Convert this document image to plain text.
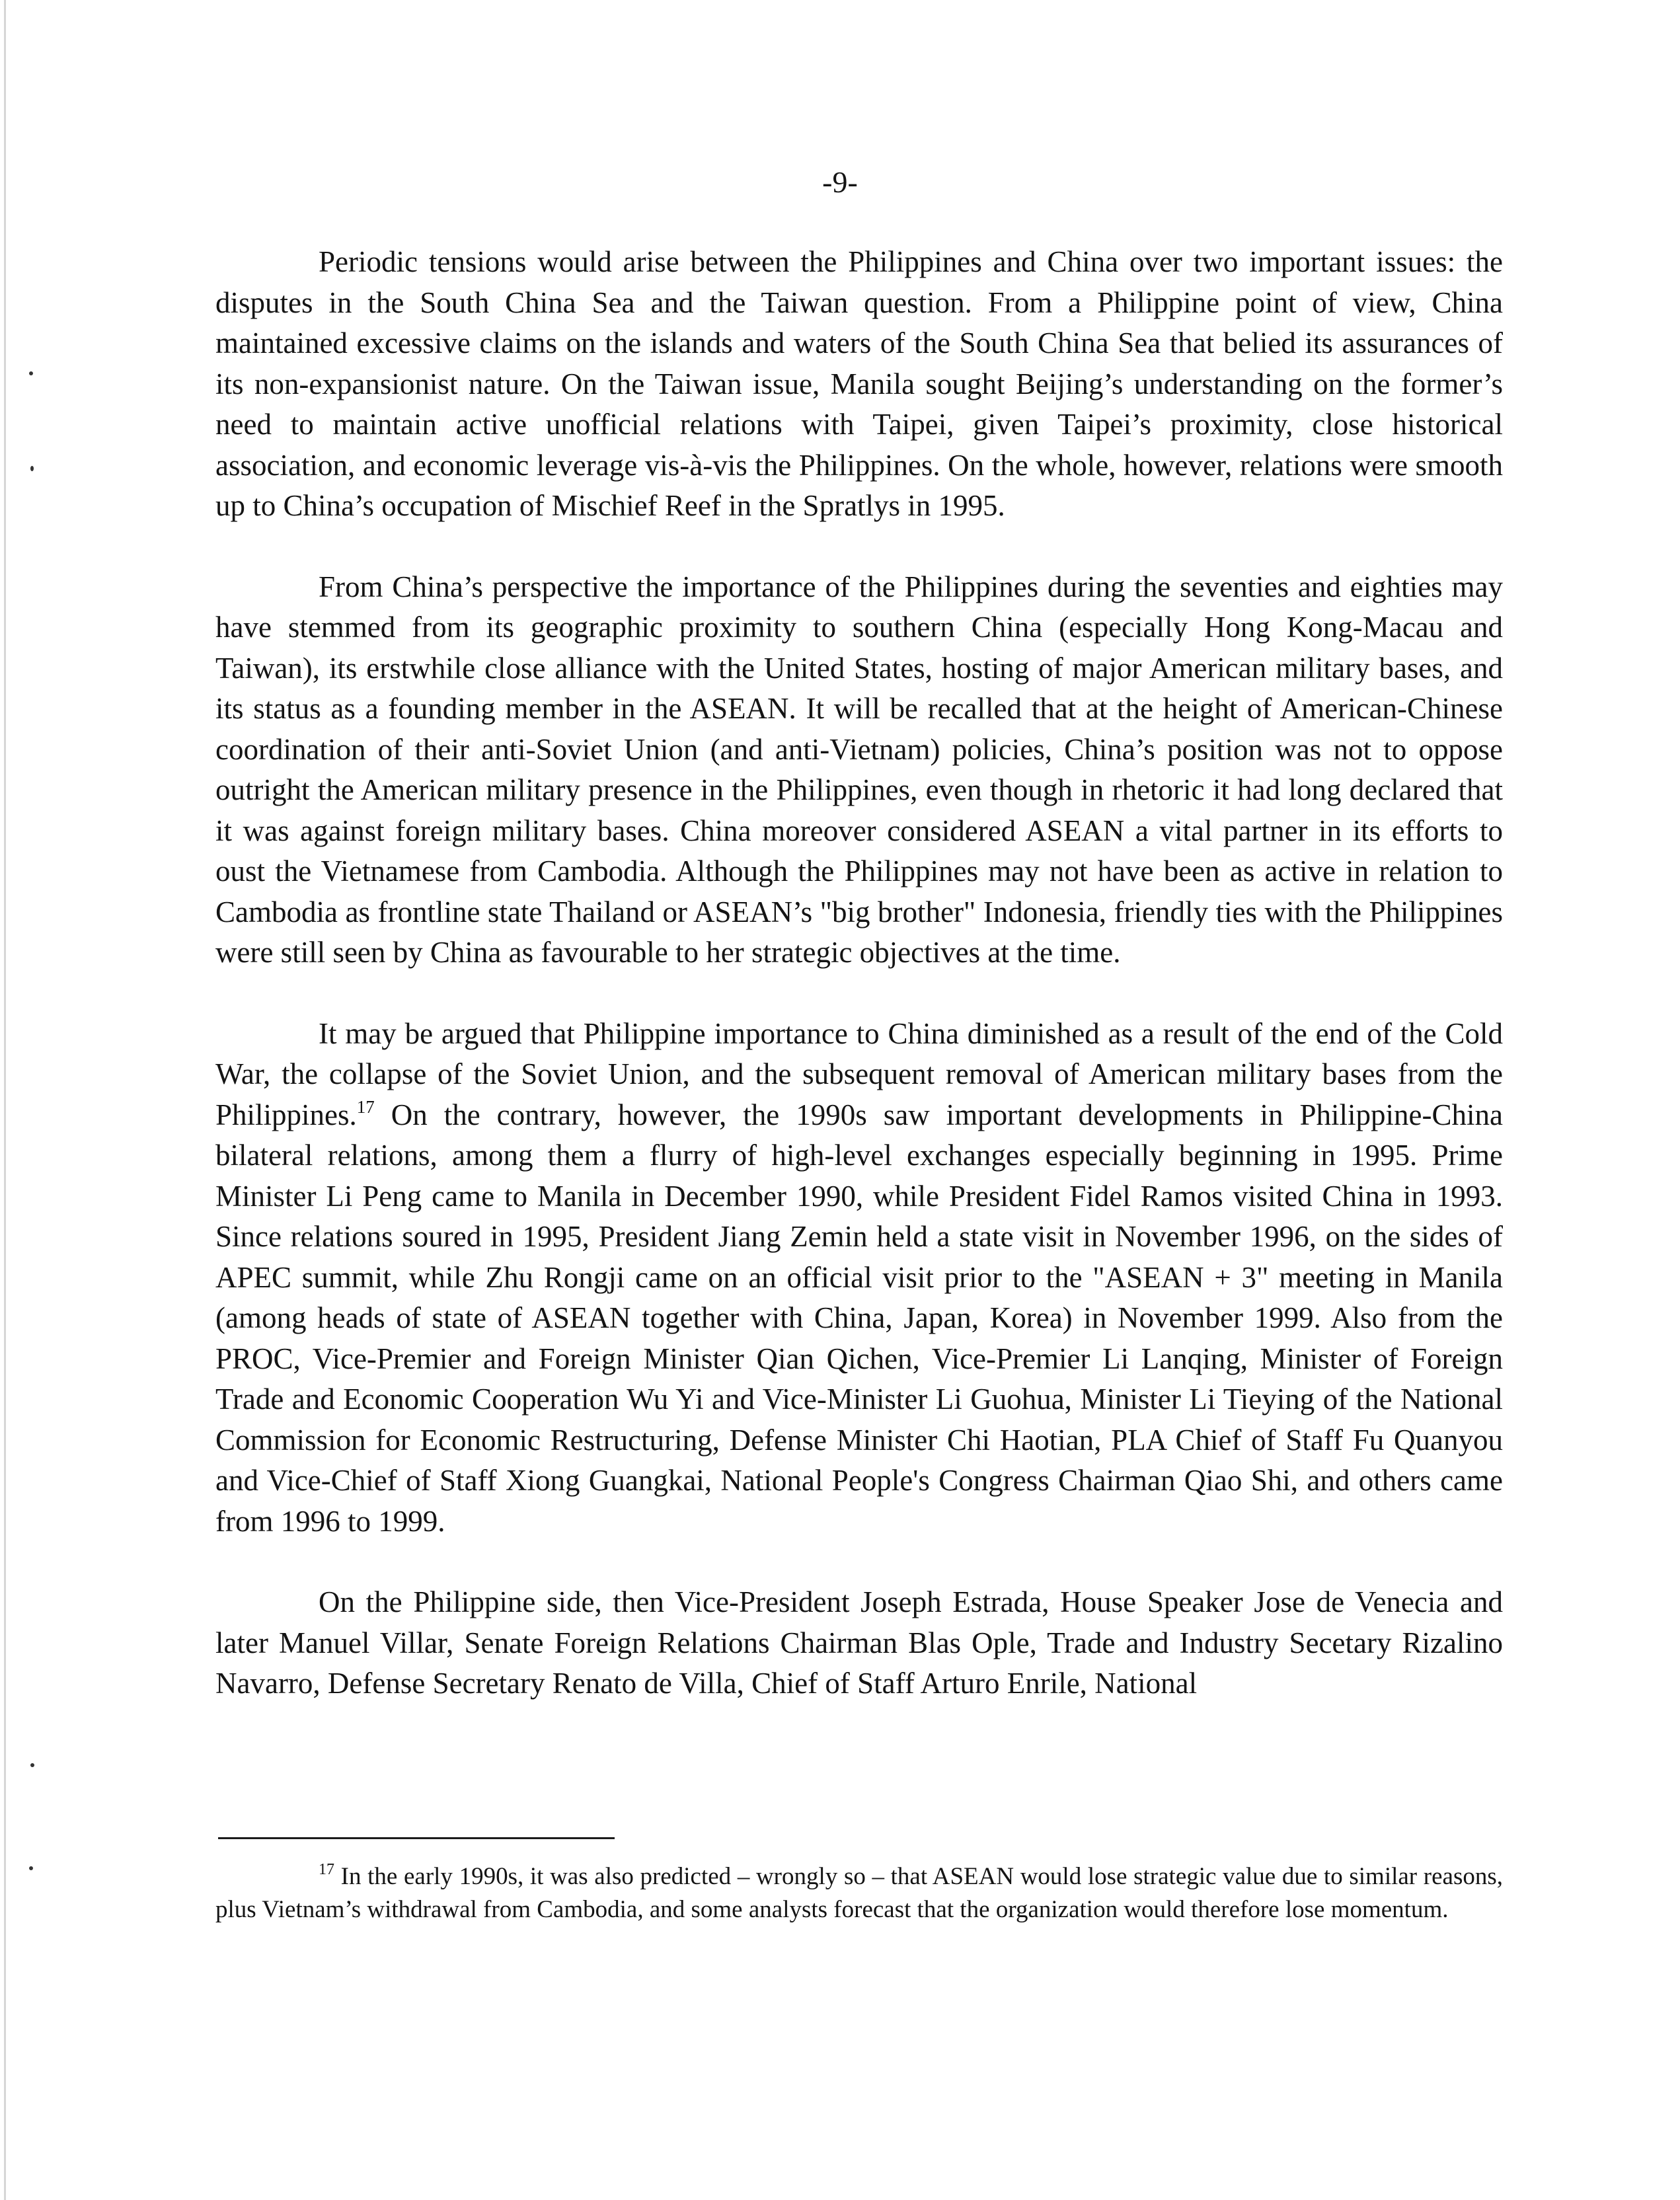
-9-

Periodic tensions would arise between the Philippines and China over two important issues: the disputes in the South China Sea and the Taiwan question. From a Philippine point of view, China maintained excessive claims on the islands and waters of the South China Sea that belied its assurances of its non-expansionist nature. On the Taiwan issue, Manila sought Beijing’s understanding on the former’s need to maintain active unofficial relations with Taipei, given Taipei’s proximity, close historical association, and economic leverage vis-à-vis the Philippines. On the whole, however, relations were smooth up to China’s occupation of Mischief Reef in the Spratlys in 1995.

From China’s perspective the importance of the Philippines during the seventies and eighties may have stemmed from its geographic proximity to southern China (especially Hong Kong-Macau and Taiwan), its erstwhile close alliance with the United States, hosting of major American military bases, and its status as a founding member in the ASEAN. It will be recalled that at the height of American-Chinese coordination of their anti-Soviet Union (and anti-Vietnam) policies, China’s position was not to oppose outright the American military presence in the Philippines, even though in rhetoric it had long declared that it was against foreign military bases. China moreover considered ASEAN a vital partner in its efforts to oust the Vietnamese from Cambodia. Although the Philippines may not have been as active in relation to Cambodia as frontline state Thailand or ASEAN’s "big brother" Indonesia, friendly ties with the Philippines were still seen by China as favourable to her strategic objectives at the time.

It may be argued that Philippine importance to China diminished as a result of the end of the Cold War, the collapse of the Soviet Union, and the subsequent removal of American military bases from the Philippines.$^{17}$ On the contrary, however, the 1990s saw important developments in Philippine-China bilateral relations, among them a flurry of high-level exchanges especially beginning in 1995. Prime Minister Li Peng came to Manila in December 1990, while President Fidel Ramos visited China in 1993. Since relations soured in 1995, President Jiang Zemin held a state visit in November 1996, on the sides of APEC summit, while Zhu Rongji came on an official visit prior to the "ASEAN + 3" meeting in Manila (among heads of state of ASEAN together with China, Japan, Korea) in November 1999. Also from the PROC, Vice-Premier and Foreign Minister Qian Qichen, Vice-Premier Li Lanqing, Minister of Foreign Trade and Economic Cooperation Wu Yi and Vice-Minister Li Guohua, Minister Li Tieying of the National Commission for Economic Restructuring, Defense Minister Chi Haotian, PLA Chief of Staff Fu Quanyou and Vice-Chief of Staff Xiong Guangkai, National People's Congress Chairman Qiao Shi, and others came from 1996 to 1999.

On the Philippine side, then Vice-President Joseph Estrada, House Speaker Jose de Venecia and later Manuel Villar, Senate Foreign Relations Chairman Blas Ople, Trade and Industry Secetary Rizalino Navarro, Defense Secretary Renato de Villa, Chief of Staff Arturo Enrile, National

$^{17}$ In the early 1990s, it was also predicted – wrongly so – that ASEAN would lose strategic value due to similar reasons, plus Vietnam’s withdrawal from Cambodia, and some analysts forecast that the organization would therefore lose momentum.
